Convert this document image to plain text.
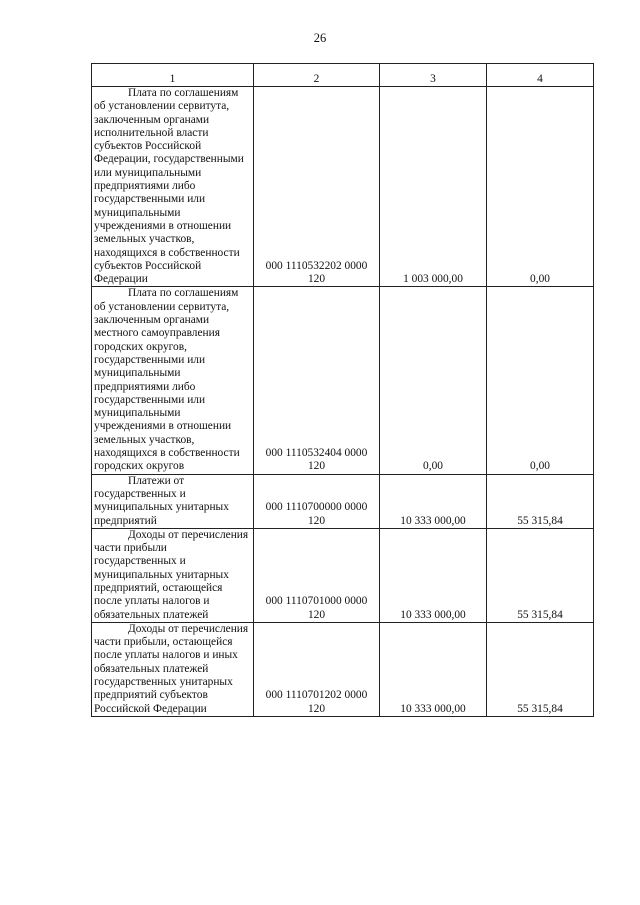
26
1	2	3	4
Плата по соглашениям об установлении сервитута, заключенным органами исполнительной власти субъектов Российской Федерации, государственными или муниципальными предприятиями либо государственными или муниципальными учреждениями в отношении земельных участков, находящихся в собственности субъектов Российской Федерации	000 1110532202 0000 120	1 003 000,00	0,00
Плата по соглашениям об установлении сервитута, заключенным органами местного самоуправления городских округов, государственными или муниципальными предприятиями либо государственными или муниципальными учреждениями в отношении земельных участков, находящихся в собственности городских округов	000 1110532404 0000 120	0,00	0,00
Платежи от государственных и муниципальных унитарных предприятий	000 1110700000 0000 120	10 333 000,00	55 315,84
Доходы от перечисления части прибыли государственных и муниципальных унитарных предприятий, остающейся после уплаты налогов и обязательных платежей	000 1110701000 0000 120	10 333 000,00	55 315,84
Доходы от перечисления части прибыли, остающейся после уплаты налогов и иных обязательных платежей государственных унитарных предприятий субъектов Российской Федерации	000 1110701202 0000 120	10 333 000,00	55 315,84
